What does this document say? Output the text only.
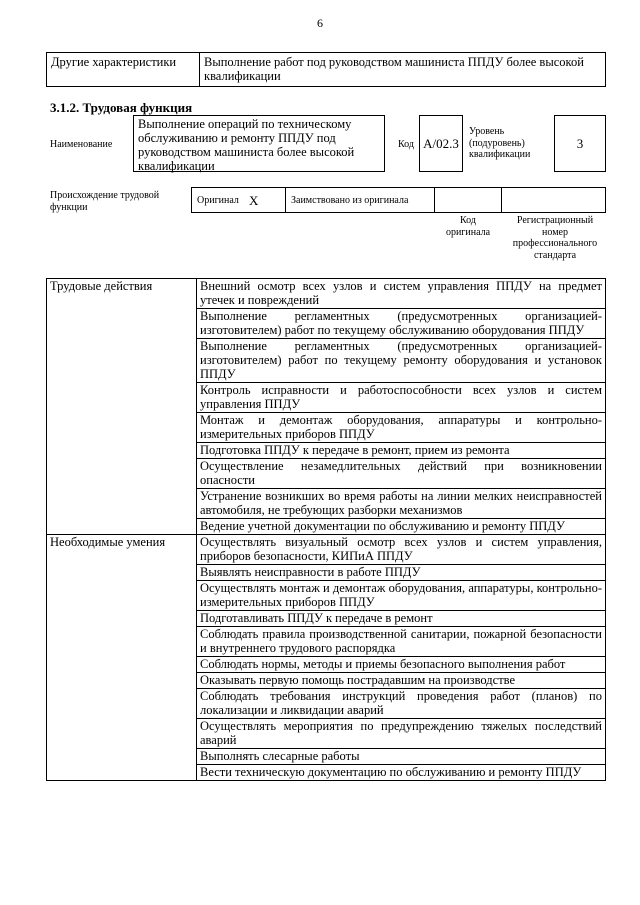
6
Другие характеристики	Выполнение работ под руководством машиниста ППДУ более высокой квалификации
3.1.2. Трудовая функция
Наименование
Выполнение операций по техническому обслуживанию и ремонту ППДУ под руководством машиниста более высокой квалификации
Код A/02.3
Уровень (подуровень) квалификации
3
Происхождение трудовой функции
Оригинал X	Заимствовано из оригинала
Код оригинала
Регистрационный номер профессионального стандарта
Трудовые действия	Внешний осмотр всех узлов и систем управления ППДУ на предмет утечек и повреждений
	Выполнение регламентных (предусмотренных организацией-изготовителем) работ по текущему обслуживанию оборудования ППДУ
	Выполнение регламентных (предусмотренных организацией-изготовителем) работ по текущему ремонту оборудования и установок ППДУ
	Контроль исправности и работоспособности всех узлов и систем управления ППДУ
	Монтаж и демонтаж оборудования, аппаратуры и контрольно-измерительных приборов ППДУ
	Подготовка ППДУ к передаче в ремонт, прием из ремонта
	Осуществление незамедлительных действий при возникновении опасности
	Устранение возникших во время работы на линии мелких неисправностей автомобиля, не требующих разборки механизмов
	Ведение учетной документации по обслуживанию и ремонту ППДУ
Необходимые умения	Осуществлять визуальный осмотр всех узлов и систем управления, приборов безопасности, КИПиА ППДУ
	Выявлять неисправности в работе ППДУ
	Осуществлять монтаж и демонтаж оборудования, аппаратуры, контрольно-измерительных приборов ППДУ
	Подготавливать ППДУ к передаче в ремонт
	Соблюдать правила производственной санитарии, пожарной безопасности и внутреннего трудового распорядка
	Соблюдать нормы, методы и приемы безопасного выполнения работ
	Оказывать первую помощь пострадавшим на производстве
	Соблюдать требования инструкций проведения работ (планов) по локализации и ликвидации аварий
	Осуществлять мероприятия по предупреждению тяжелых последствий аварий
	Выполнять слесарные работы
	Вести техническую документацию по обслуживанию и ремонту ППДУ
